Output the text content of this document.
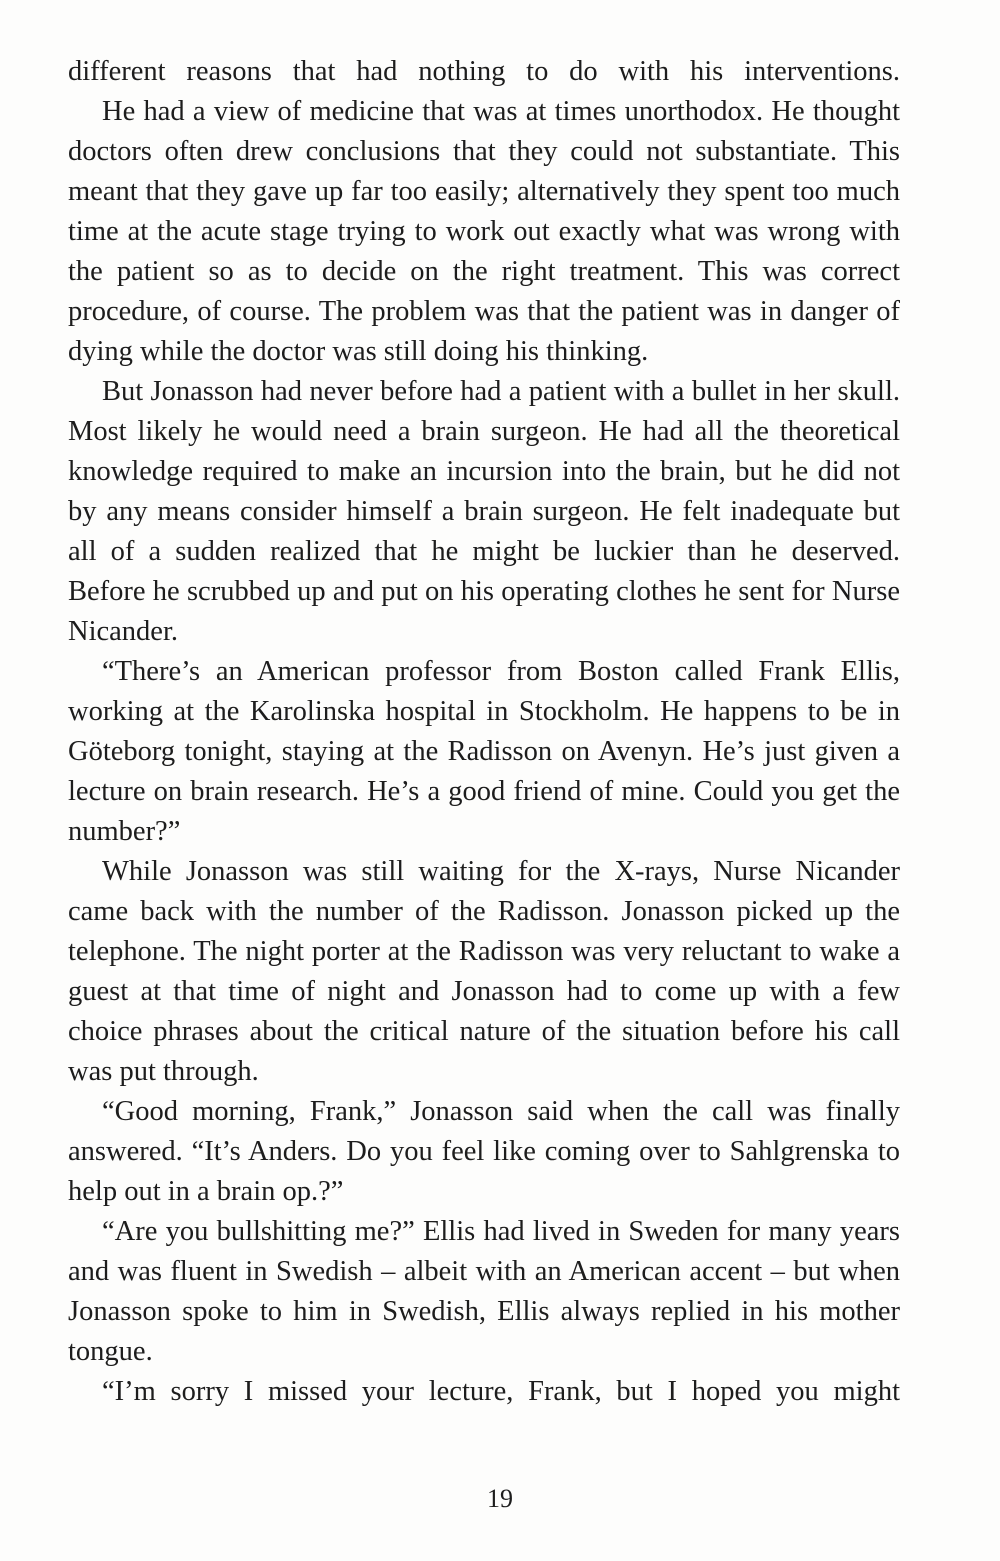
different reasons that had nothing to do with his interventions.

He had a view of medicine that was at times unorthodox. He thought doctors often drew conclusions that they could not substantiate. This meant that they gave up far too easily; alternatively they spent too much time at the acute stage trying to work out exactly what was wrong with the patient so as to decide on the right treatment. This was correct procedure, of course. The problem was that the patient was in danger of dying while the doctor was still doing his thinking.

But Jonasson had never before had a patient with a bullet in her skull. Most likely he would need a brain surgeon. He had all the theoretical knowledge required to make an incursion into the brain, but he did not by any means consider himself a brain surgeon. He felt inadequate but all of a sudden realized that he might be luckier than he deserved. Before he scrubbed up and put on his operating clothes he sent for Nurse Nicander.

“There’s an American professor from Boston called Frank Ellis, working at the Karolinska hospital in Stockholm. He happens to be in Göteborg tonight, staying at the Radisson on Avenyn. He’s just given a lecture on brain research. He’s a good friend of mine. Could you get the number?”

While Jonasson was still waiting for the X-rays, Nurse Nicander came back with the number of the Radisson. Jonasson picked up the telephone. The night porter at the Radisson was very reluctant to wake a guest at that time of night and Jonasson had to come up with a few choice phrases about the critical nature of the situation before his call was put through.

“Good morning, Frank,” Jonasson said when the call was finally answered. “It’s Anders. Do you feel like coming over to Sahlgrenska to help out in a brain op.?”

“Are you bullshitting me?” Ellis had lived in Sweden for many years and was fluent in Swedish – albeit with an American accent – but when Jonasson spoke to him in Swedish, Ellis always replied in his mother tongue.

“I’m sorry I missed your lecture, Frank, but I hoped you might

19
